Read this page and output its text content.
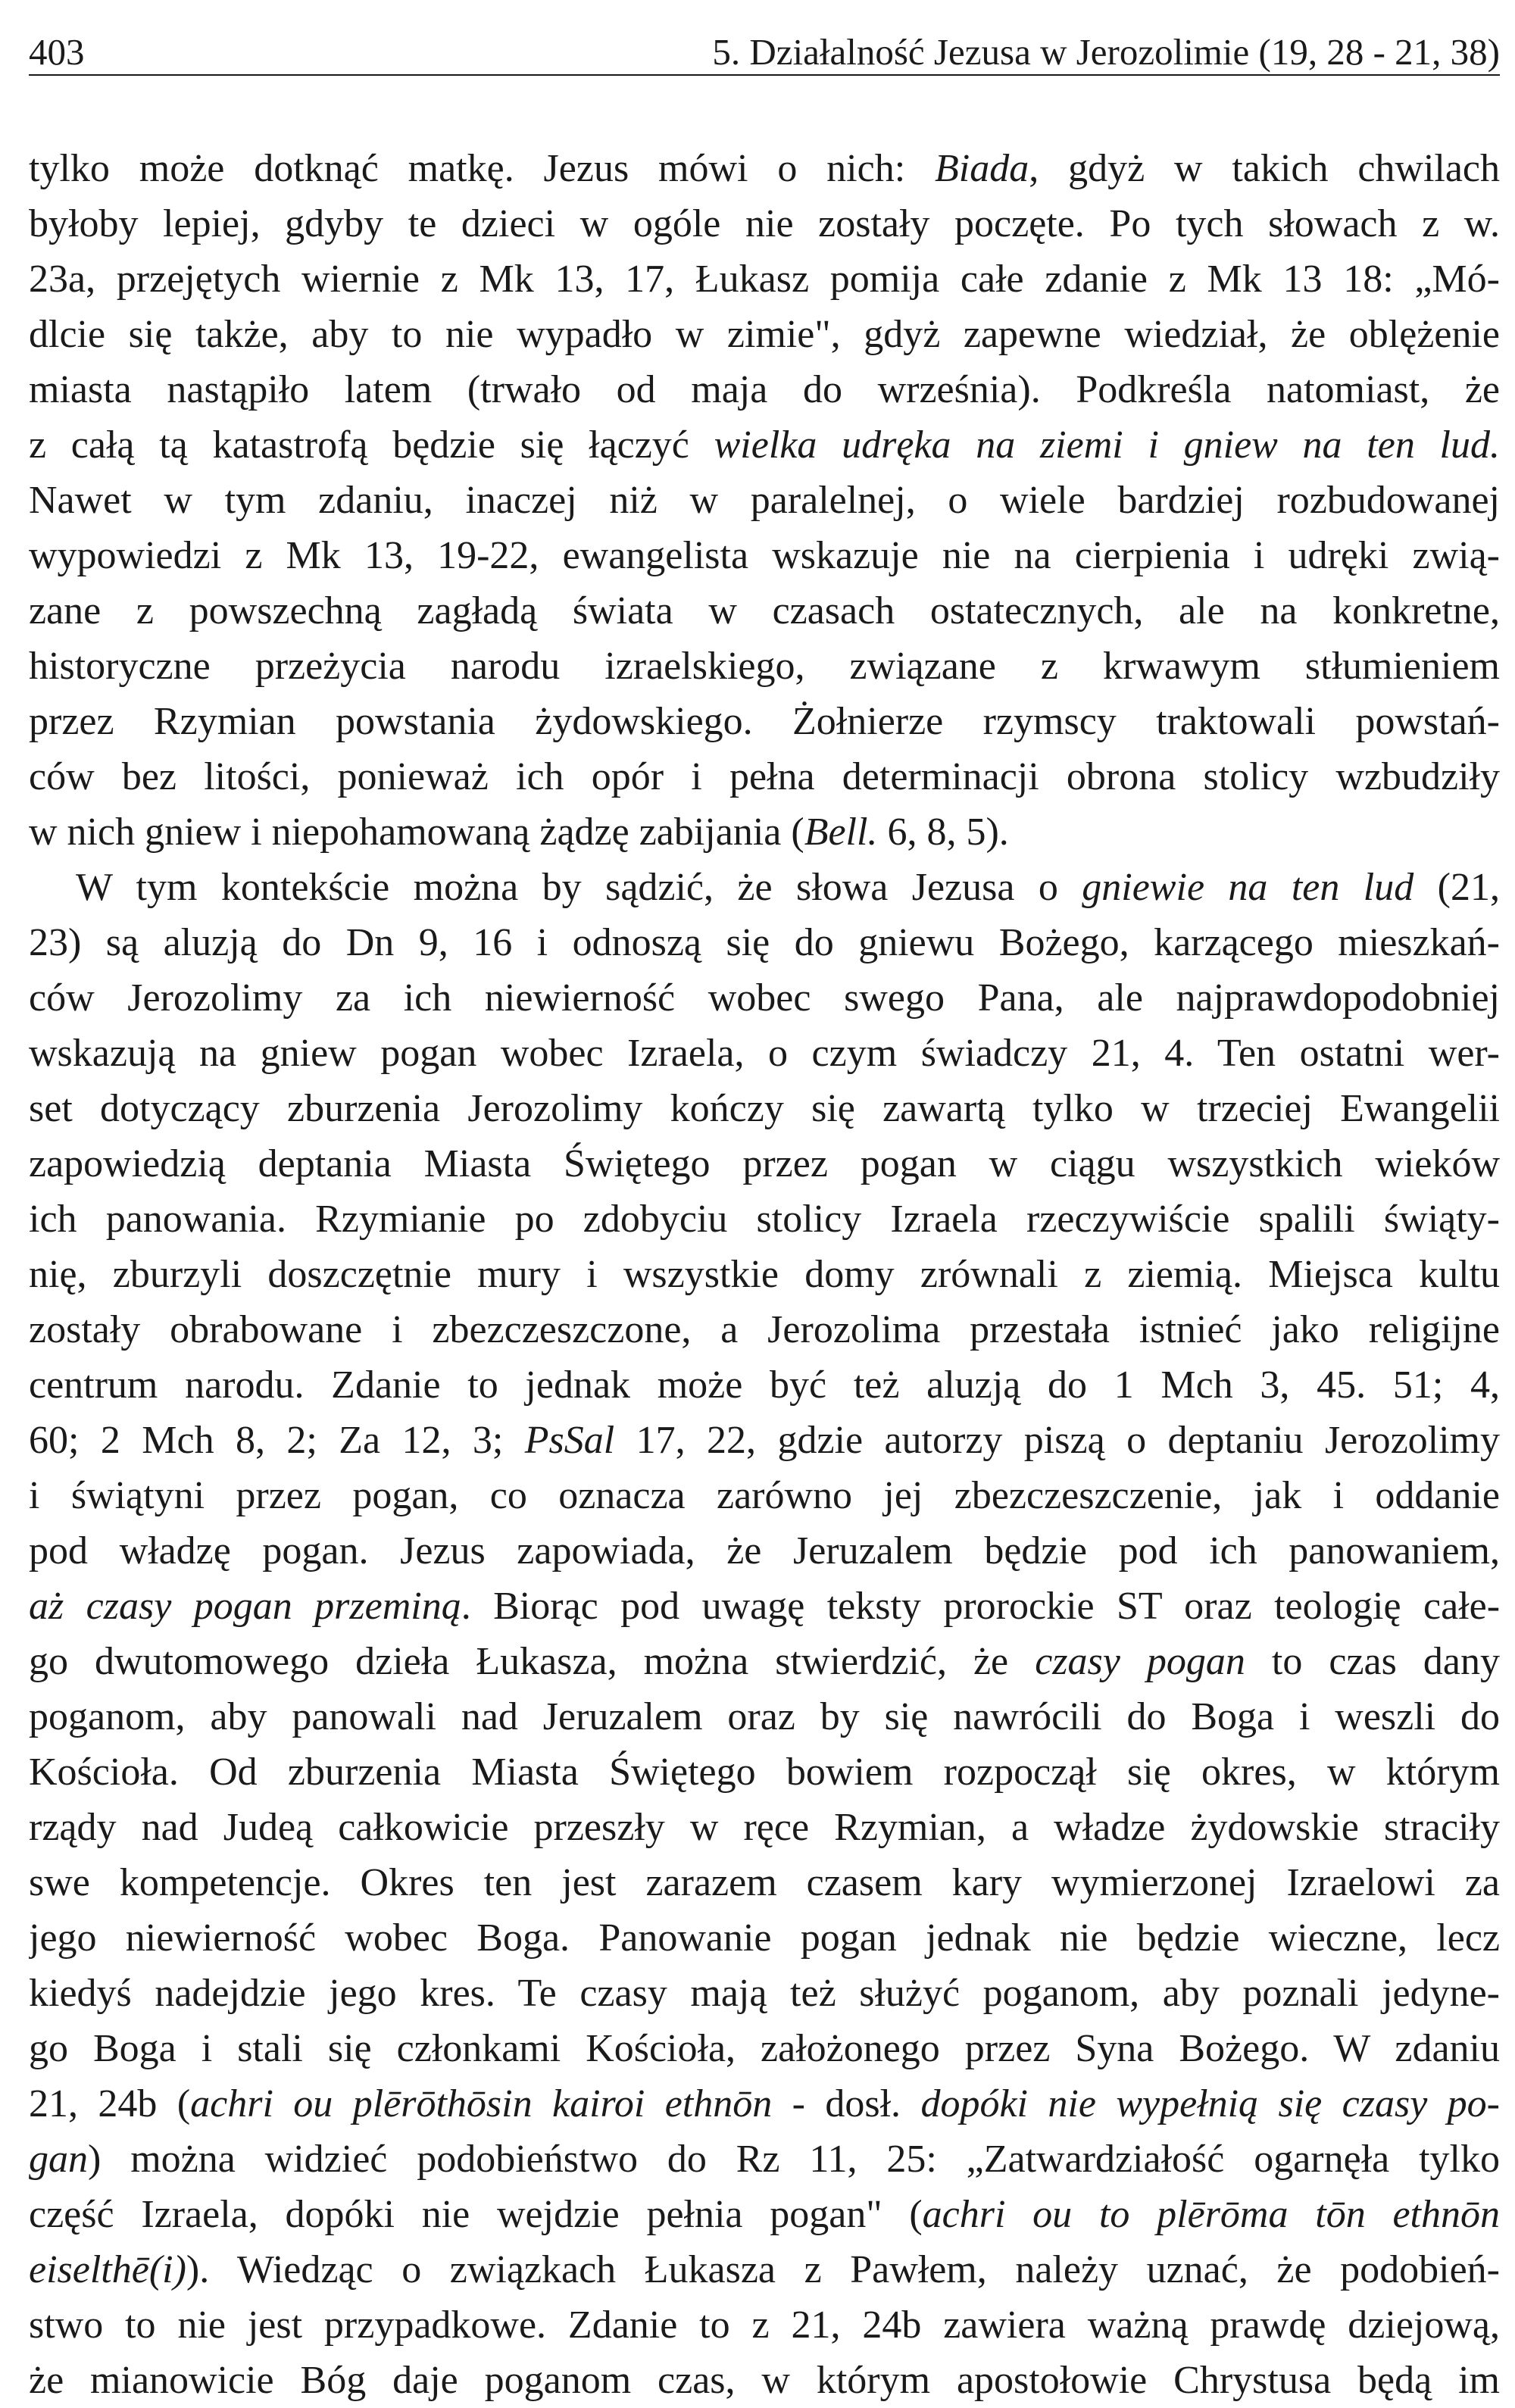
403	5. Działalność Jezusa w Jerozolimie (19, 28 - 21, 38)
tylko może dotknąć matkę. Jezus mówi o nich: Biada, gdyż w takich chwilach
byłoby lepiej, gdyby te dzieci w ogóle nie zostały poczęte. Po tych słowach z w.
23a, przejętych wiernie z Mk 13, 17, Łukasz pomija całe zdanie z Mk 13 18: „Mó-
dlcie się także, aby to nie wypadło w zimie", gdyż zapewne wiedział, że oblężenie
miasta nastąpiło latem (trwało od maja do września). Podkreśla natomiast, że
z całą tą katastrofą będzie się łączyć wielka udręka na ziemi i gniew na ten lud.
Nawet w tym zdaniu, inaczej niż w paralelnej, o wiele bardziej rozbudowanej
wypowiedzi z Mk 13, 19-22, ewangelista wskazuje nie na cierpienia i udręki zwią-
zane z powszechną zagładą świata w czasach ostatecznych, ale na konkretne,
historyczne przeżycia narodu izraelskiego, związane z krwawym stłumieniem
przez Rzymian powstania żydowskiego. Żołnierze rzymscy traktowali powstań-
ców bez litości, ponieważ ich opór i pełna determinacji obrona stolicy wzbudziły
w nich gniew i niepohamowaną żądzę zabijania (Bell. 6, 8, 5).
W tym kontekście można by sądzić, że słowa Jezusa o gniewie na ten lud (21,
23) są aluzją do Dn 9, 16 i odnoszą się do gniewu Bożego, karzącego mieszkań-
ców Jerozolimy za ich niewierność wobec swego Pana, ale najprawdopodobniej
wskazują na gniew pogan wobec Izraela, o czym świadczy 21, 4. Ten ostatni wer-
set dotyczący zburzenia Jerozolimy kończy się zawartą tylko w trzeciej Ewangelii
zapowiedzią deptania Miasta Świętego przez pogan w ciągu wszystkich wieków
ich panowania. Rzymianie po zdobyciu stolicy Izraela rzeczywiście spalili świąty-
nię, zburzyli doszczętnie mury i wszystkie domy zrównali z ziemią. Miejsca kultu
zostały obrabowane i zbezczeszczone, a Jerozolima przestała istnieć jako religijne
centrum narodu. Zdanie to jednak może być też aluzją do 1 Mch 3, 45. 51; 4,
60; 2 Mch 8, 2; Za 12, 3; PsSal 17, 22, gdzie autorzy piszą o deptaniu Jerozolimy
i świątyni przez pogan, co oznacza zarówno jej zbezczeszczenie, jak i oddanie
pod władzę pogan. Jezus zapowiada, że Jeruzalem będzie pod ich panowaniem,
aż czasy pogan przeminą. Biorąc pod uwagę teksty prorockie ST oraz teologię całe-
go dwutomowego dzieła Łukasza, można stwierdzić, że czasy pogan to czas dany
poganom, aby panowali nad Jeruzalem oraz by się nawrócili do Boga i weszli do
Kościoła. Od zburzenia Miasta Świętego bowiem rozpoczął się okres, w którym
rządy nad Judeą całkowicie przeszły w ręce Rzymian, a władze żydowskie straciły
swe kompetencje. Okres ten jest zarazem czasem kary wymierzonej Izraelowi za
jego niewierność wobec Boga. Panowanie pogan jednak nie będzie wieczne, lecz
kiedyś nadejdzie jego kres. Te czasy mają też służyć poganom, aby poznali jedyne-
go Boga i stali się członkami Kościoła, założonego przez Syna Bożego. W zdaniu
21, 24b (achri ou plērōthōsin kairoi ethnōn - dosł. dopóki nie wypełnią się czasy po-
gan) można widzieć podobieństwo do Rz 11, 25: „Zatwardziałość ogarnęła tylko
część Izraela, dopóki nie wejdzie pełnia pogan" (achri ou to plērōma tōn ethnōn
eiselthē(i)). Wiedząc o związkach Łukasza z Pawłem, należy uznać, że podobień-
stwo to nie jest przypadkowe. Zdanie to z 21, 24b zawiera ważną prawdę dziejową,
że mianowicie Bóg daje poganom czas, w którym apostołowie Chrystusa będą im
